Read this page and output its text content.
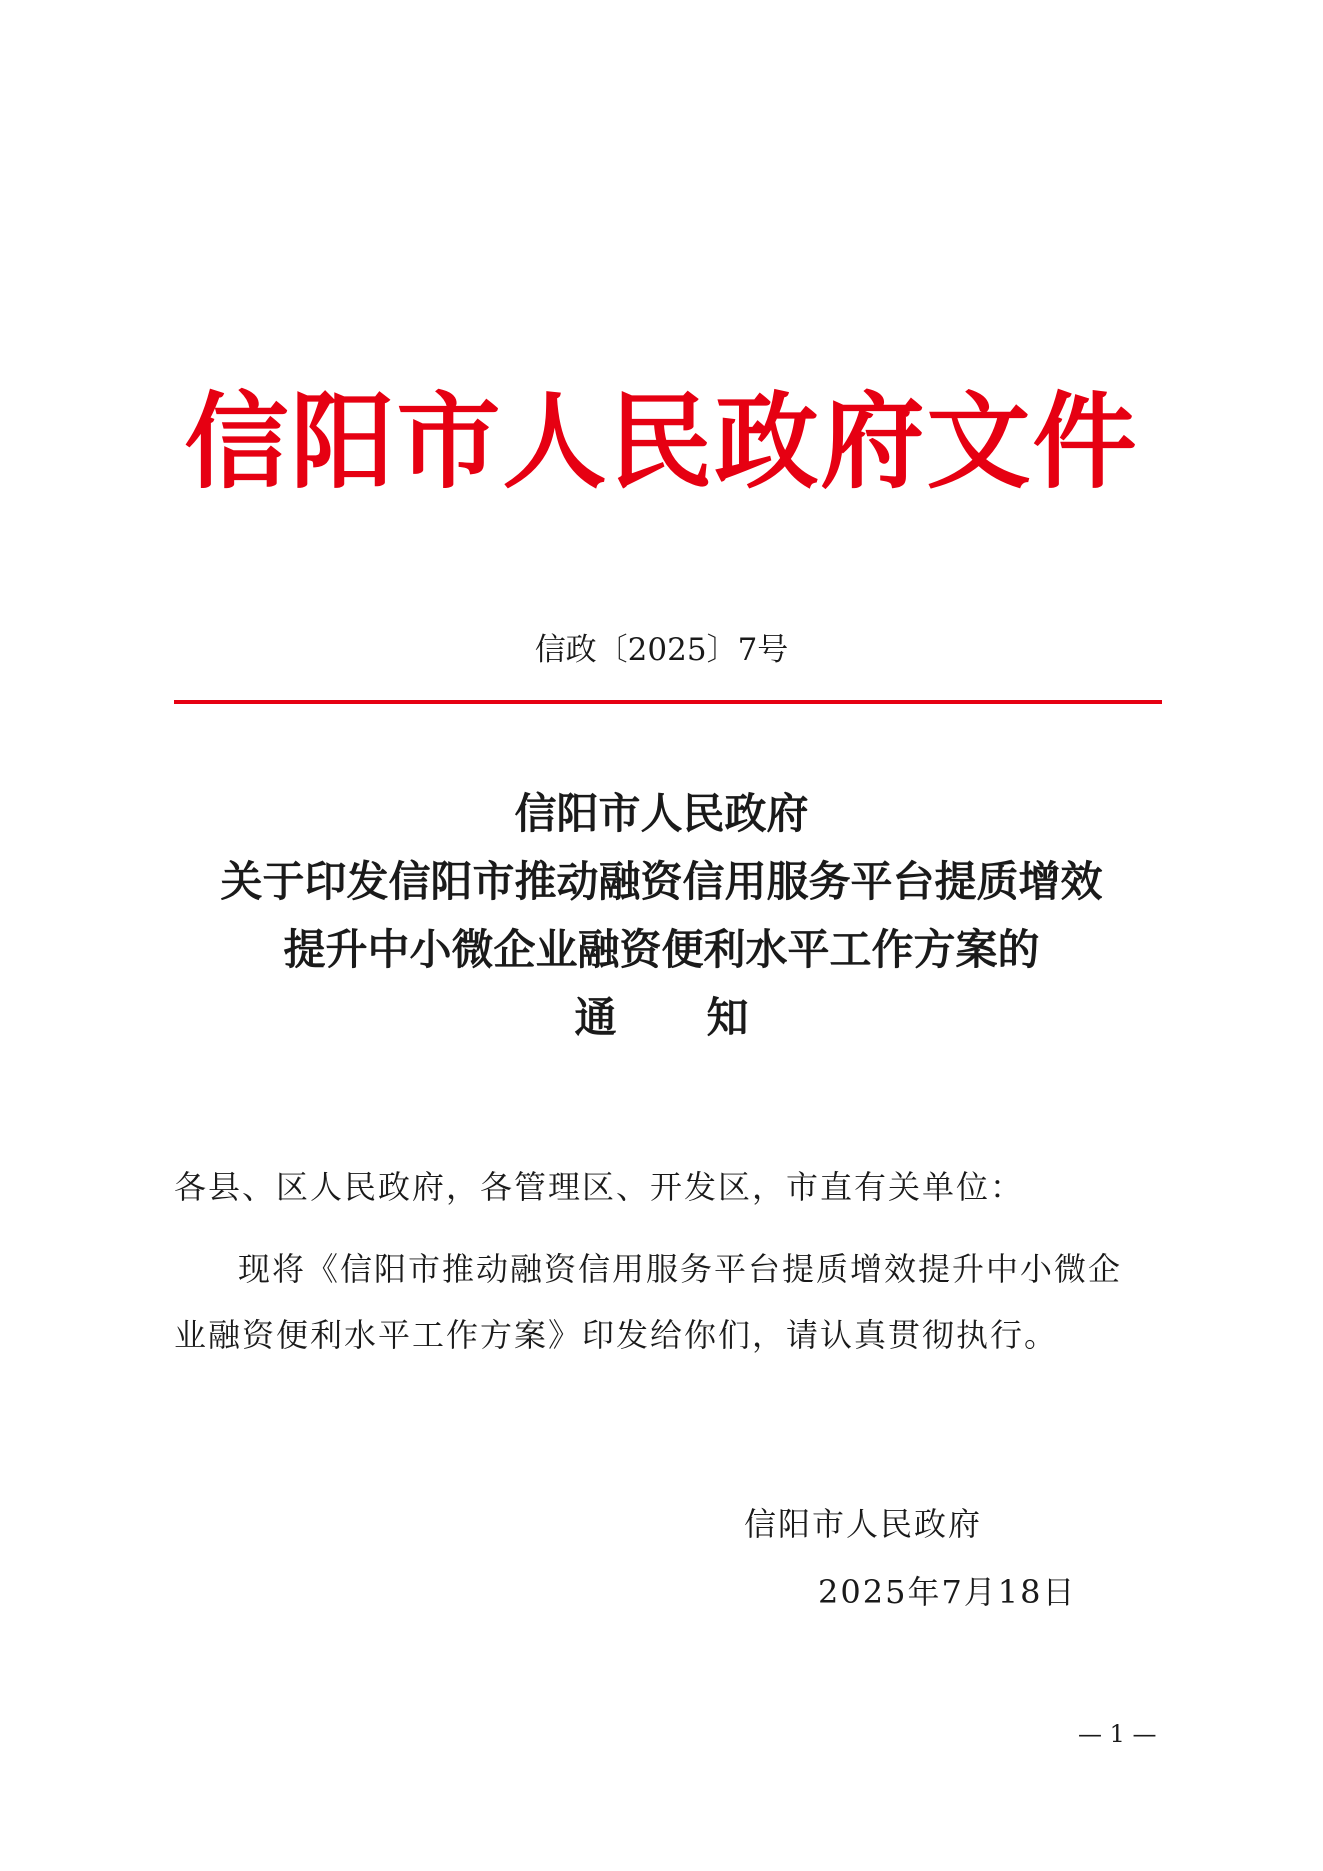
信阳市人民政府文件
信政〔2025〕7号
信阳市人民政府
关于印发信阳市推动融资信用服务平台提质增效
提升中小微企业融资便利水平工作方案的
通知
各县、区人民政府，各管理区、开发区，市直有关单位：
现将《信阳市推动融资信用服务平台提质增效提升中小微企
业融资便利水平工作方案》印发给你们，请认真贯彻执行。
信阳市人民政府
2025年7月18日
— 1 —
